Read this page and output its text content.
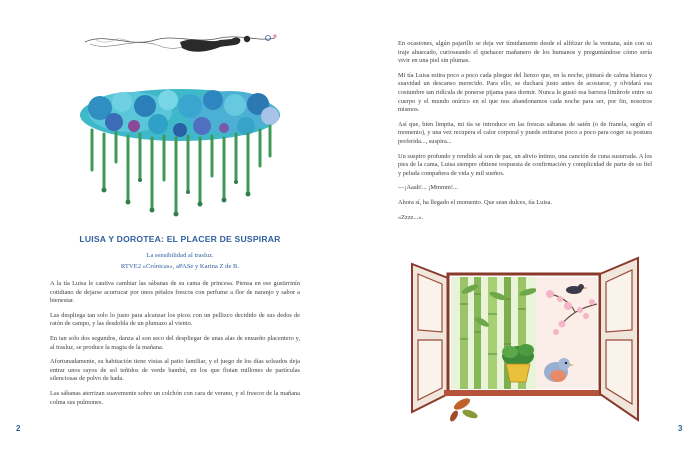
LUISA Y DOROTEA: EL PLACER DE SUSPIRAR
La sensibilidad al trasluz.
RTVE2 «Crónicas», aPASe y Karina Z de B.

A la tía Luisa le cautiva cambiar las sábanas de su cama de princesa. Piensa en ese gustirrinín cotidiano de dejarse acurrucar por unos pétalos frescos con perfume a flor de naranjo y sabor a bienestar.

Las despliega tan solo lo justo para alcanzar los picos con un pellizco decidido de sus dedos de ratón de campo, y las desdobla de un plumazo al viento.

En tan solo dos segundos, danza al son seco del despliegar de unas alas de ensueño placentero y, al trasluz, se produce la magia de la mañana.

Afortunadamente, su habitación tiene vistas al patio familiar, y el juego de los días soleados deja entrar unos rayos de sol teñidos de verde bambú, en los que flotan millones de partículas silenciosas de polvo de hada.

Las sábanas aterrizan suavemente sobre un colchón con cara de verano, y el frescor de la mañana colma sus pulmones.

2

En ocasiones, algún pajarillo se deja ver tímidamente desde el alféizar de la ventana, aún con su traje ahuecado, curioseando el quehacer mañanero de los humanos y preguntándose cómo sería vivir en una piel sin plumas.

Mi tía Luisa estira poco a poco cada pliegue del lienzo que, en la noche, pintará de calma blanca y suavidad un descanso merecido. Para ello, se duchará justo antes de acostarse, y olvidará esa costumbre tan ridícula de ponerse pijama para dormir. Nunca le gustó esa barrera limítrofe entre su cuerpo y el mundo onírico en el que nos abandonamos cada noche para ser, por fin, nosotros mismos.

Así que, bien limpita, mi tía se introduce en las frescas sábanas de satén (o de franela, según el momento), y una vez recupera el calor corporal y puede estirarse poco a poco para coger su postura preferida..., suspira...

Un suspiro profundo y rendido al son de paz, un alivio íntimo, una canción de cuna susurrada. A los pies de la cama, Luisa siempre obtiene respuesta de confirmación y complicidad de parte de su fiel y peluda compañera de vida y mil sueños.

—¡Aaah!... ¡Mmmm!...

Ahora sí, ha llegado el momento. Que sean dulces, tía Luisa.

«Zzzz...».

3
